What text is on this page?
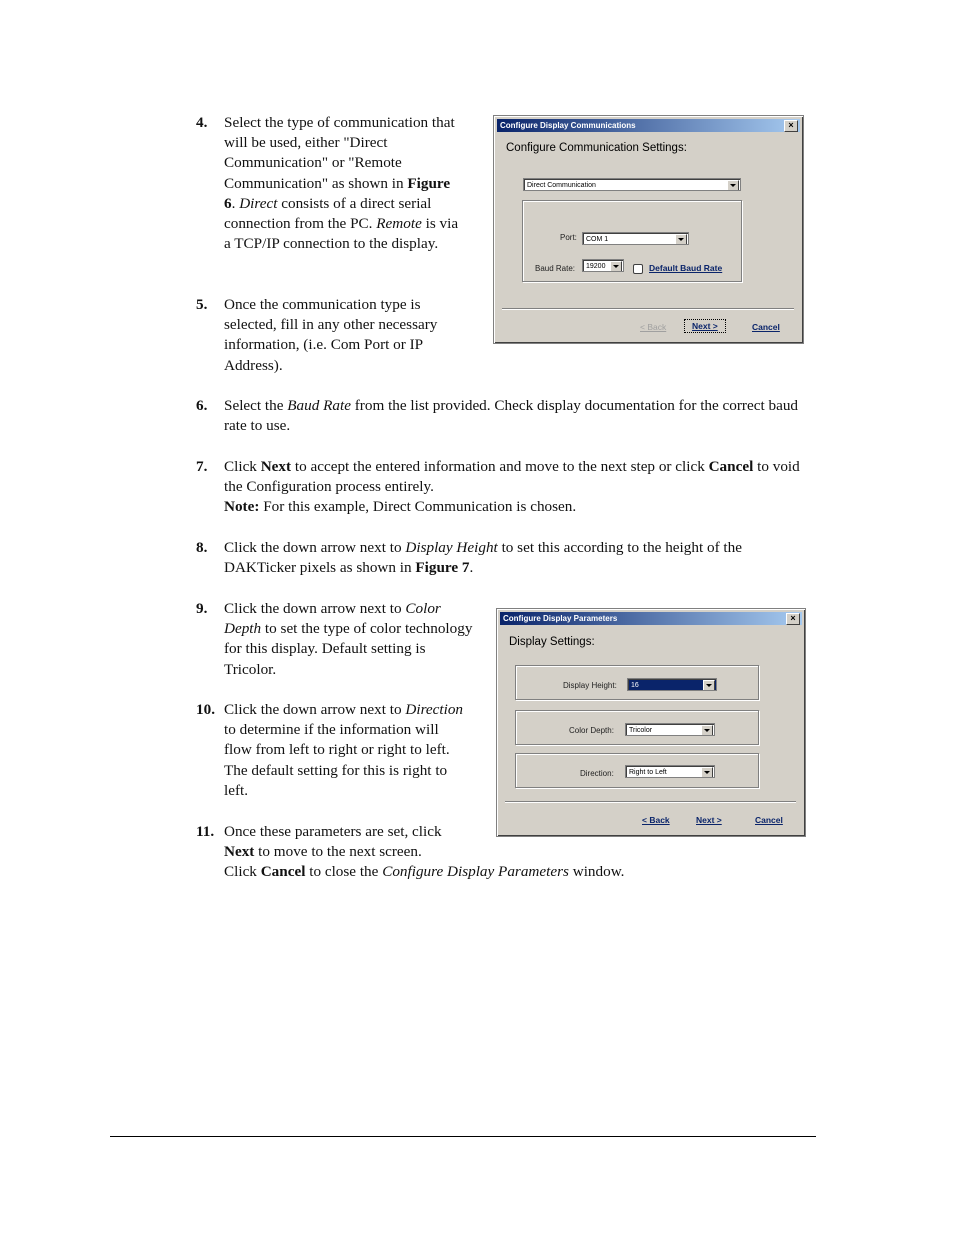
4. Select the type of communication that will be used, either "Direct Communication" or "Remote Communication" as shown in Figure 6. Direct consists of a direct serial connection from the PC. Remote is via a TCP/IP connection to the display.
5. Once the communication type is selected, fill in any other necessary information, (i.e. Com Port or IP Address).
6. Select the Baud Rate from the list provided. Check display documentation for the correct baud rate to use.
7. Click Next to accept the entered information and move to the next step or click Cancel to void the Configuration process entirely.

Note: For this example, Direct Communication is chosen.

8. Click the down arrow next to Display Height to set this according to the height of the DAKTicker pixels as shown in Figure 7.
9. Click the down arrow next to Color Depth to set the type of color technology for this display. Default setting is Tricolor.
10. Click the down arrow next to Direction to determine if the information will flow from left to right or right to left. The default setting for this is right to left.
11. Once these parameters are set, click Next to move to the next screen.

Click Cancel to close the Configure Display Parameters window.

Configure Display Communications	×
Configure Communication Settings:
Direct Communication
Port:	COM 1
Baud Rate:	19200	Default Baud Rate
< Back	Next >	Cancel
Configure Display Parameters	×
Display Settings:
Display Height:	16
Color Depth:	Tricolor
Direction:	Right to Left
< Back	Next >	Cancel
